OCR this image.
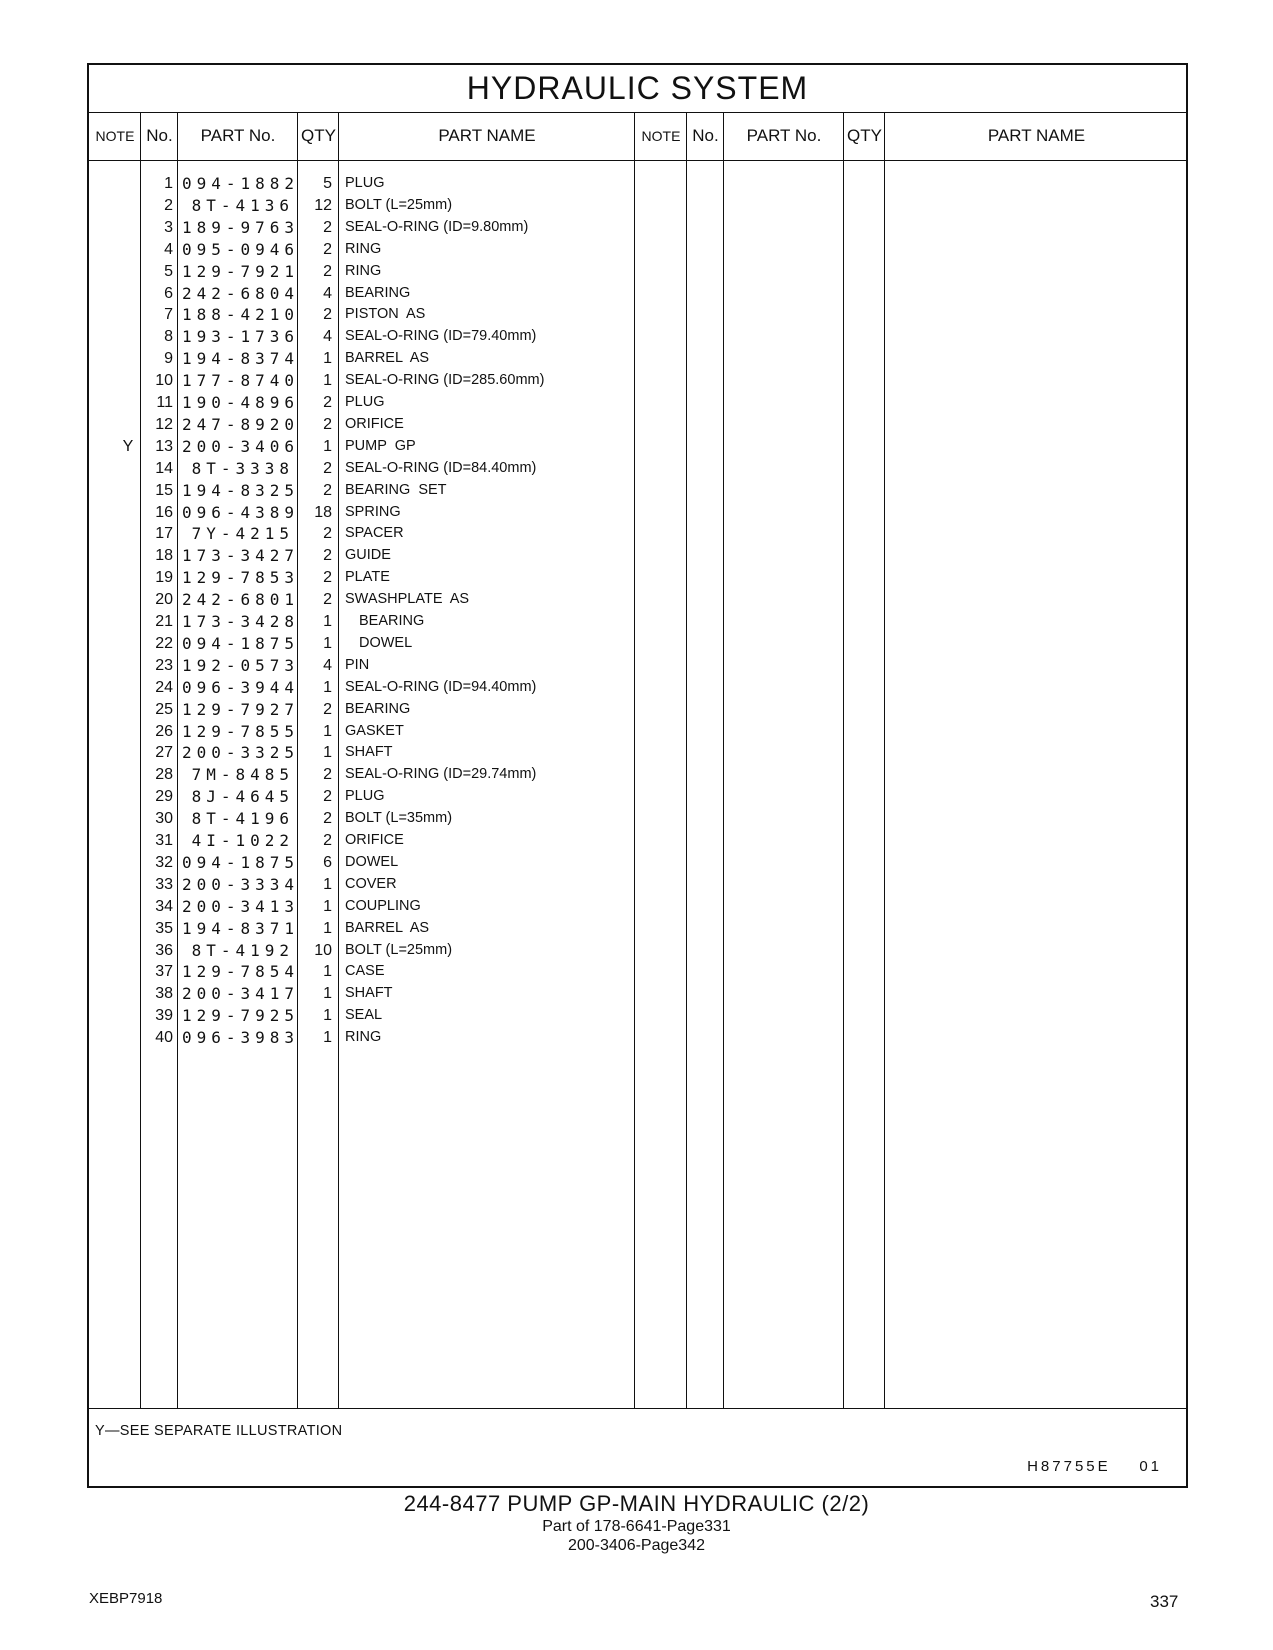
HYDRAULIC SYSTEM
NOTE No.	PART No.	QTY	PART NAME	NOTE No.	PART No.	QTY	PART NAME
1 094-1882	5 PLUG
2	8T-4136	12 BOLT (L=25mm)
3 189-9763	2 SEAL-O-RING (ID=9.80mm)
4 095-0946	2 RING
5 129-7921	2 RING
6 242-6804	4 BEARING
7 188-4210	2 PISTON  AS
8 193-1736	4 SEAL-O-RING (ID=79.40mm)
9 194-8374	1 BARREL  AS
10 177-8740	1 SEAL-O-RING (ID=285.60mm)
11 190-4896	2 PLUG
12 247-8920	2 ORIFICE
Y	13 200-3406	1 PUMP  GP
14	8T-3338	2 SEAL-O-RING (ID=84.40mm)
15 194-8325	2 BEARING  SET
16 096-4389 18 SPRING
17	7Y-4215	2 SPACER
18 173-3427	2 GUIDE
19 129-7853	2 PLATE
20 242-6801	2 SWASHPLATE  AS
21 173-3428	1 BEARING
22 094-1875	1 DOWEL
23 192-0573	4 PIN
24 096-3944	1 SEAL-O-RING (ID=94.40mm)
25 129-7927	2 BEARING
26 129-7855	1 GASKET
27 200-3325	1 SHAFT
28	7M-8485	2 SEAL-O-RING (ID=29.74mm)
29	8J-4645	2 PLUG
30	8T-4196	2 BOLT (L=35mm)
31	4I-1022	2 ORIFICE
32 094-1875	6 DOWEL
33 200-3334	1 COVER
34 200-3413	1 COUPLING
35 194-8371	1 BARREL  AS
36	8T-4192	10 BOLT (L=25mm)
37 129-7854	1 CASE
38 200-3417	1 SHAFT
39 129-7925	1 SEAL
40 096-3983	1 RING
Y—SEE SEPARATE ILLUSTRATION
H87755E    01
244-8477 PUMP GP-MAIN HYDRAULIC (2/2)
Part of 178-6641-Page331
200-3406-Page342
XEBP7918	337
